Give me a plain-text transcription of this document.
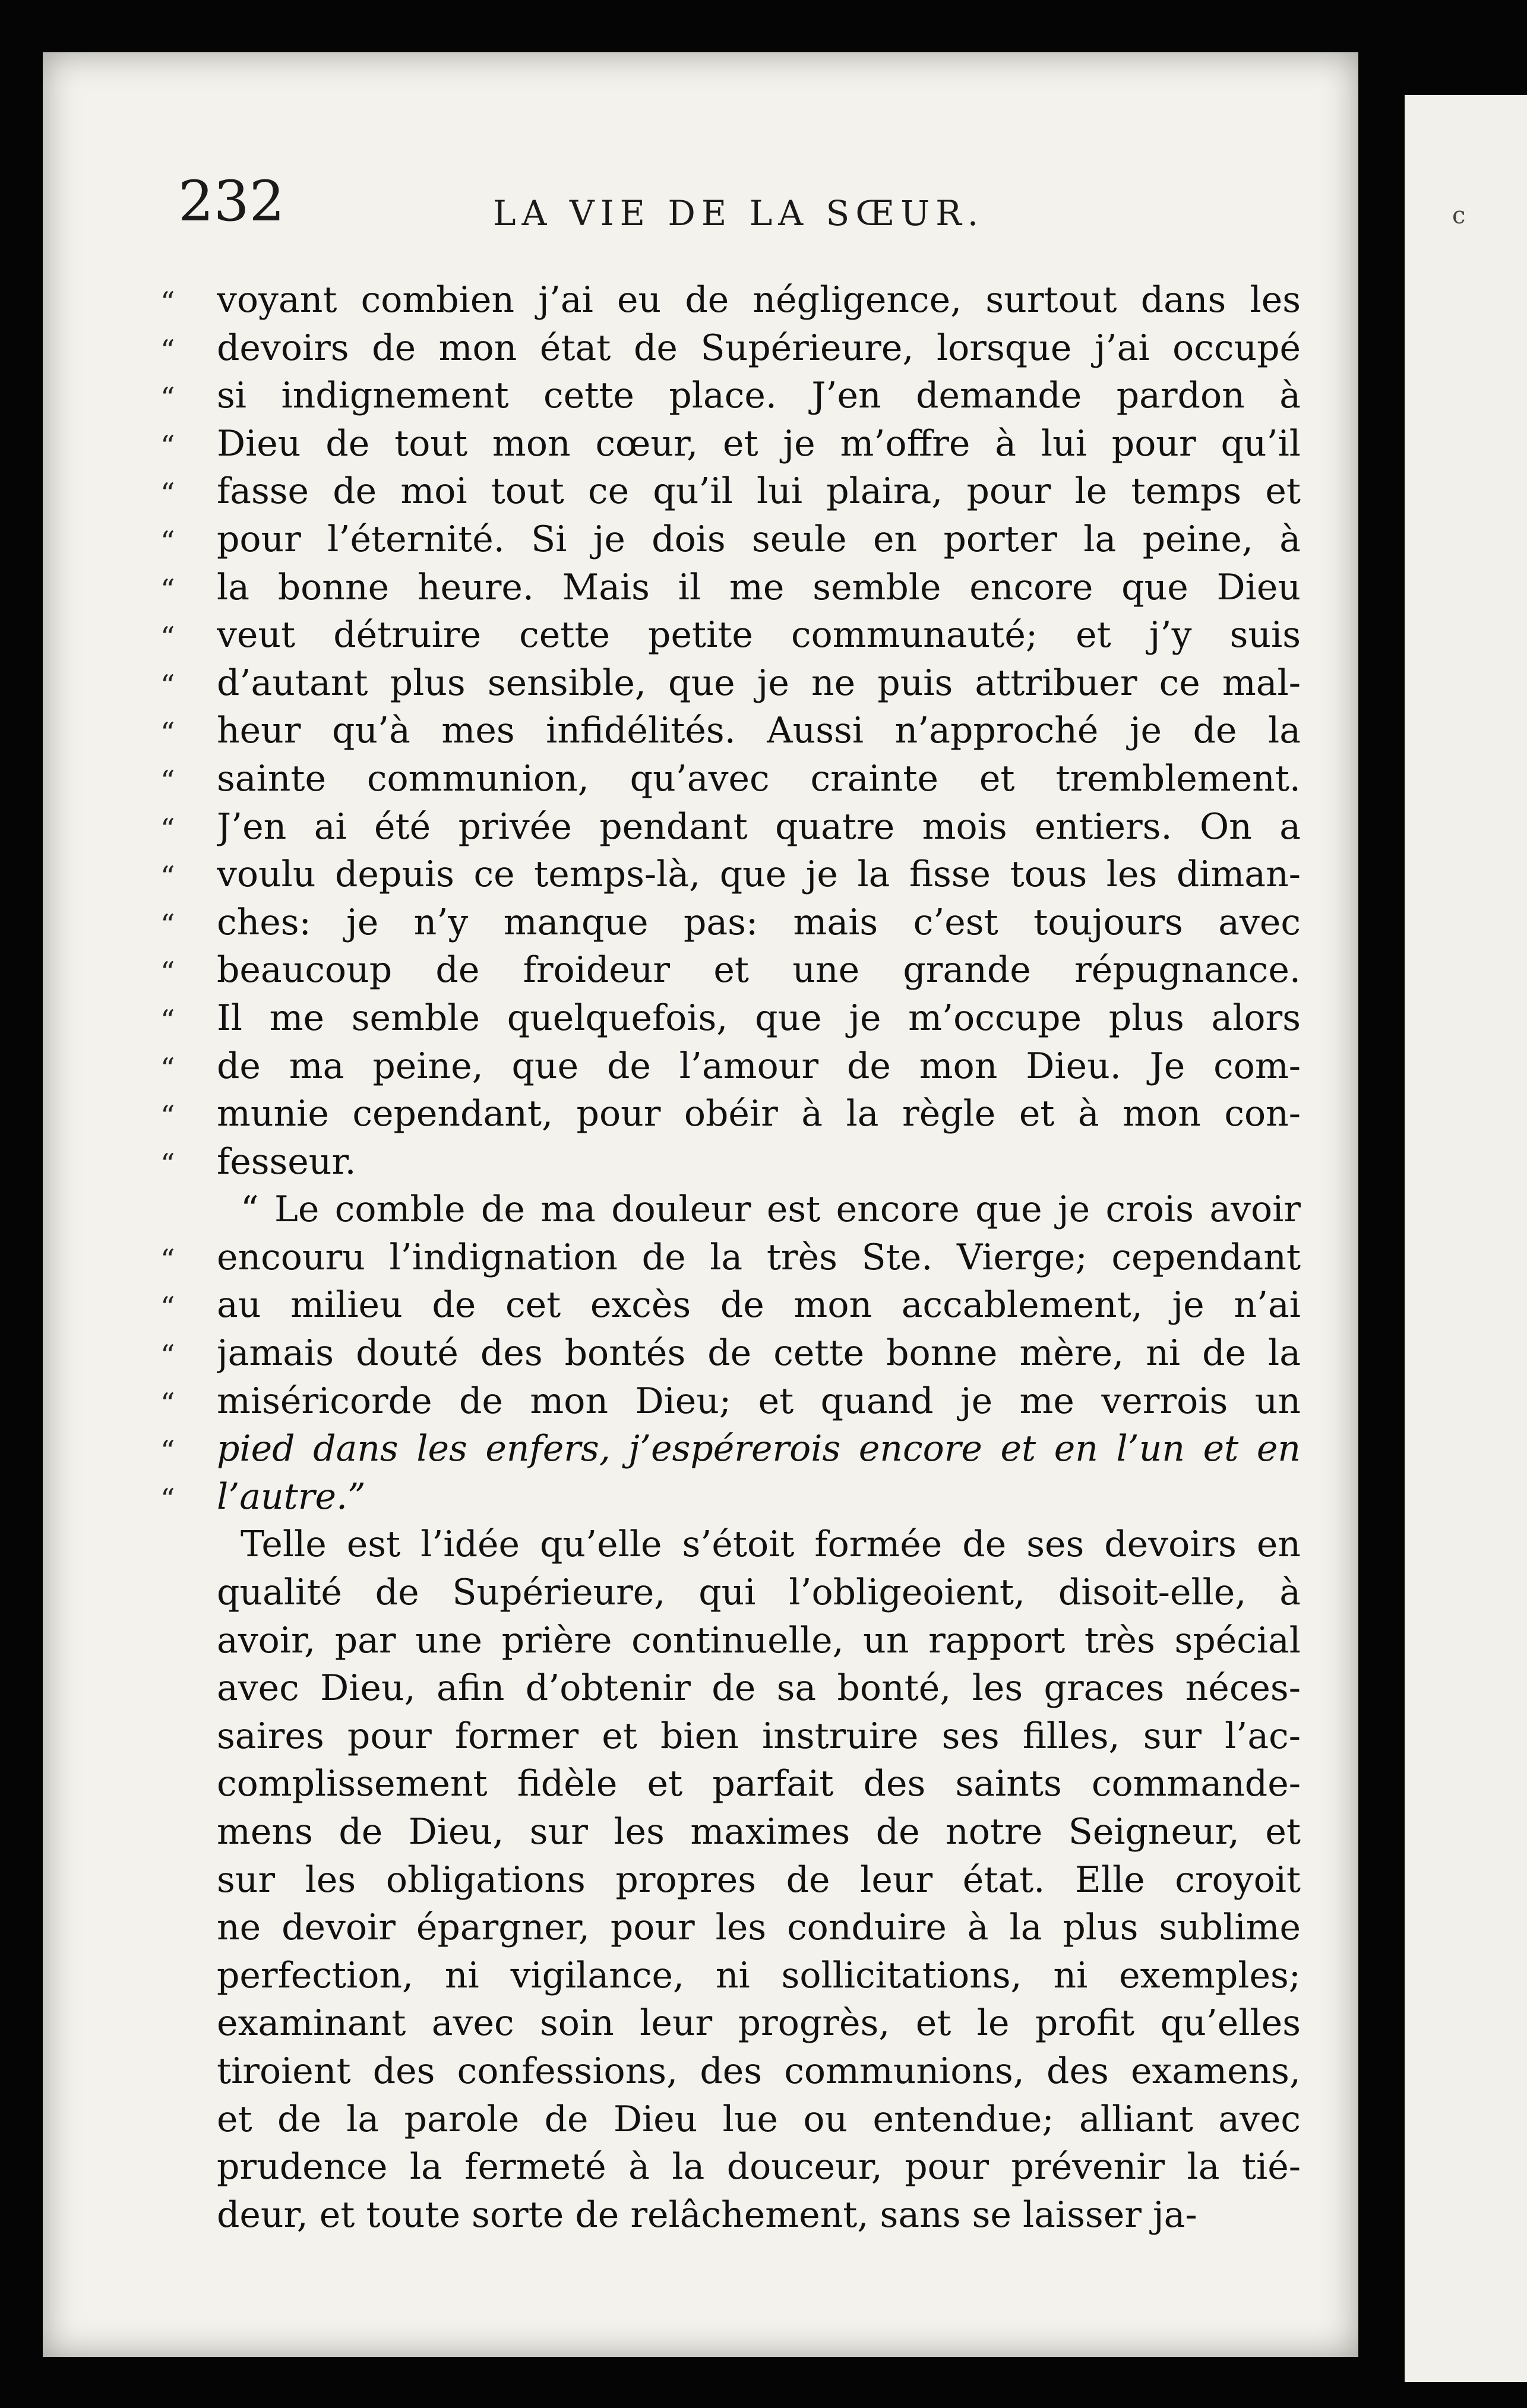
c
232	LA VIE DE LA SŒUR.
“	voyant combien j’ai eu de négligence, surtout dans les
“	devoirs de mon état de Supérieure, lorsque j’ai occupé
“	si indignement cette place. J’en demande pardon à
“	Dieu de tout mon cœur, et je m’offre à lui pour qu’il
“	fasse de moi tout ce qu’il lui plaira, pour le temps et
“	pour l’éternité. Si je dois seule en porter la peine, à
“	la bonne heure. Mais il me semble encore que Dieu
“	veut détruire cette petite communauté; et j’y suis
“	d’autant plus sensible, que je ne puis attribuer ce mal-
“	heur qu’à mes infidélités. Aussi n’approché je de la
“	sainte communion, qu’avec crainte et tremblement.
“	J’en ai été privée pendant quatre mois entiers. On a
“	voulu depuis ce temps-là, que je la fisse tous les diman-
“	ches: je n’y manque pas: mais c’est toujours avec
“	beaucoup de froideur et une grande répugnance.
“	Il me semble quelquefois, que je m’occupe plus alors
“	de ma peine, que de l’amour de mon Dieu. Je com-
“	munie cependant, pour obéir à la règle et à mon con-
“	fesseur.
“ Le comble de ma douleur est encore que je crois avoir
“	encouru l’indignation de la très Ste. Vierge; cependant
“	au milieu de cet excès de mon accablement, je n’ai
“	jamais douté des bontés de cette bonne mère, ni de la
“	miséricorde de mon Dieu; et quand je me verrois un
“	pied dans les enfers, j’espérerois encore et en l’un et en
“	l’autre.”
Telle est l’idée qu’elle s’étoit formée de ses devoirs en
qualité de Supérieure, qui l’obligeoient, disoit-elle, à
avoir, par une prière continuelle, un rapport très spécial
avec Dieu, afin d’obtenir de sa bonté, les graces néces-
saires pour former et bien instruire ses filles, sur l’ac-
complissement fidèle et parfait des saints commande-
mens de Dieu, sur les maximes de notre Seigneur, et
sur les obligations propres de leur état. Elle croyoit
ne devoir épargner, pour les conduire à la plus sublime
perfection, ni vigilance, ni sollicitations, ni exemples;
examinant avec soin leur progrès, et le profit qu’elles
tiroient des confessions, des communions, des examens,
et de la parole de Dieu lue ou entendue; alliant avec
prudence la fermeté à la douceur, pour prévenir la tié-
deur, et toute sorte de relâchement, sans se laisser ja-
